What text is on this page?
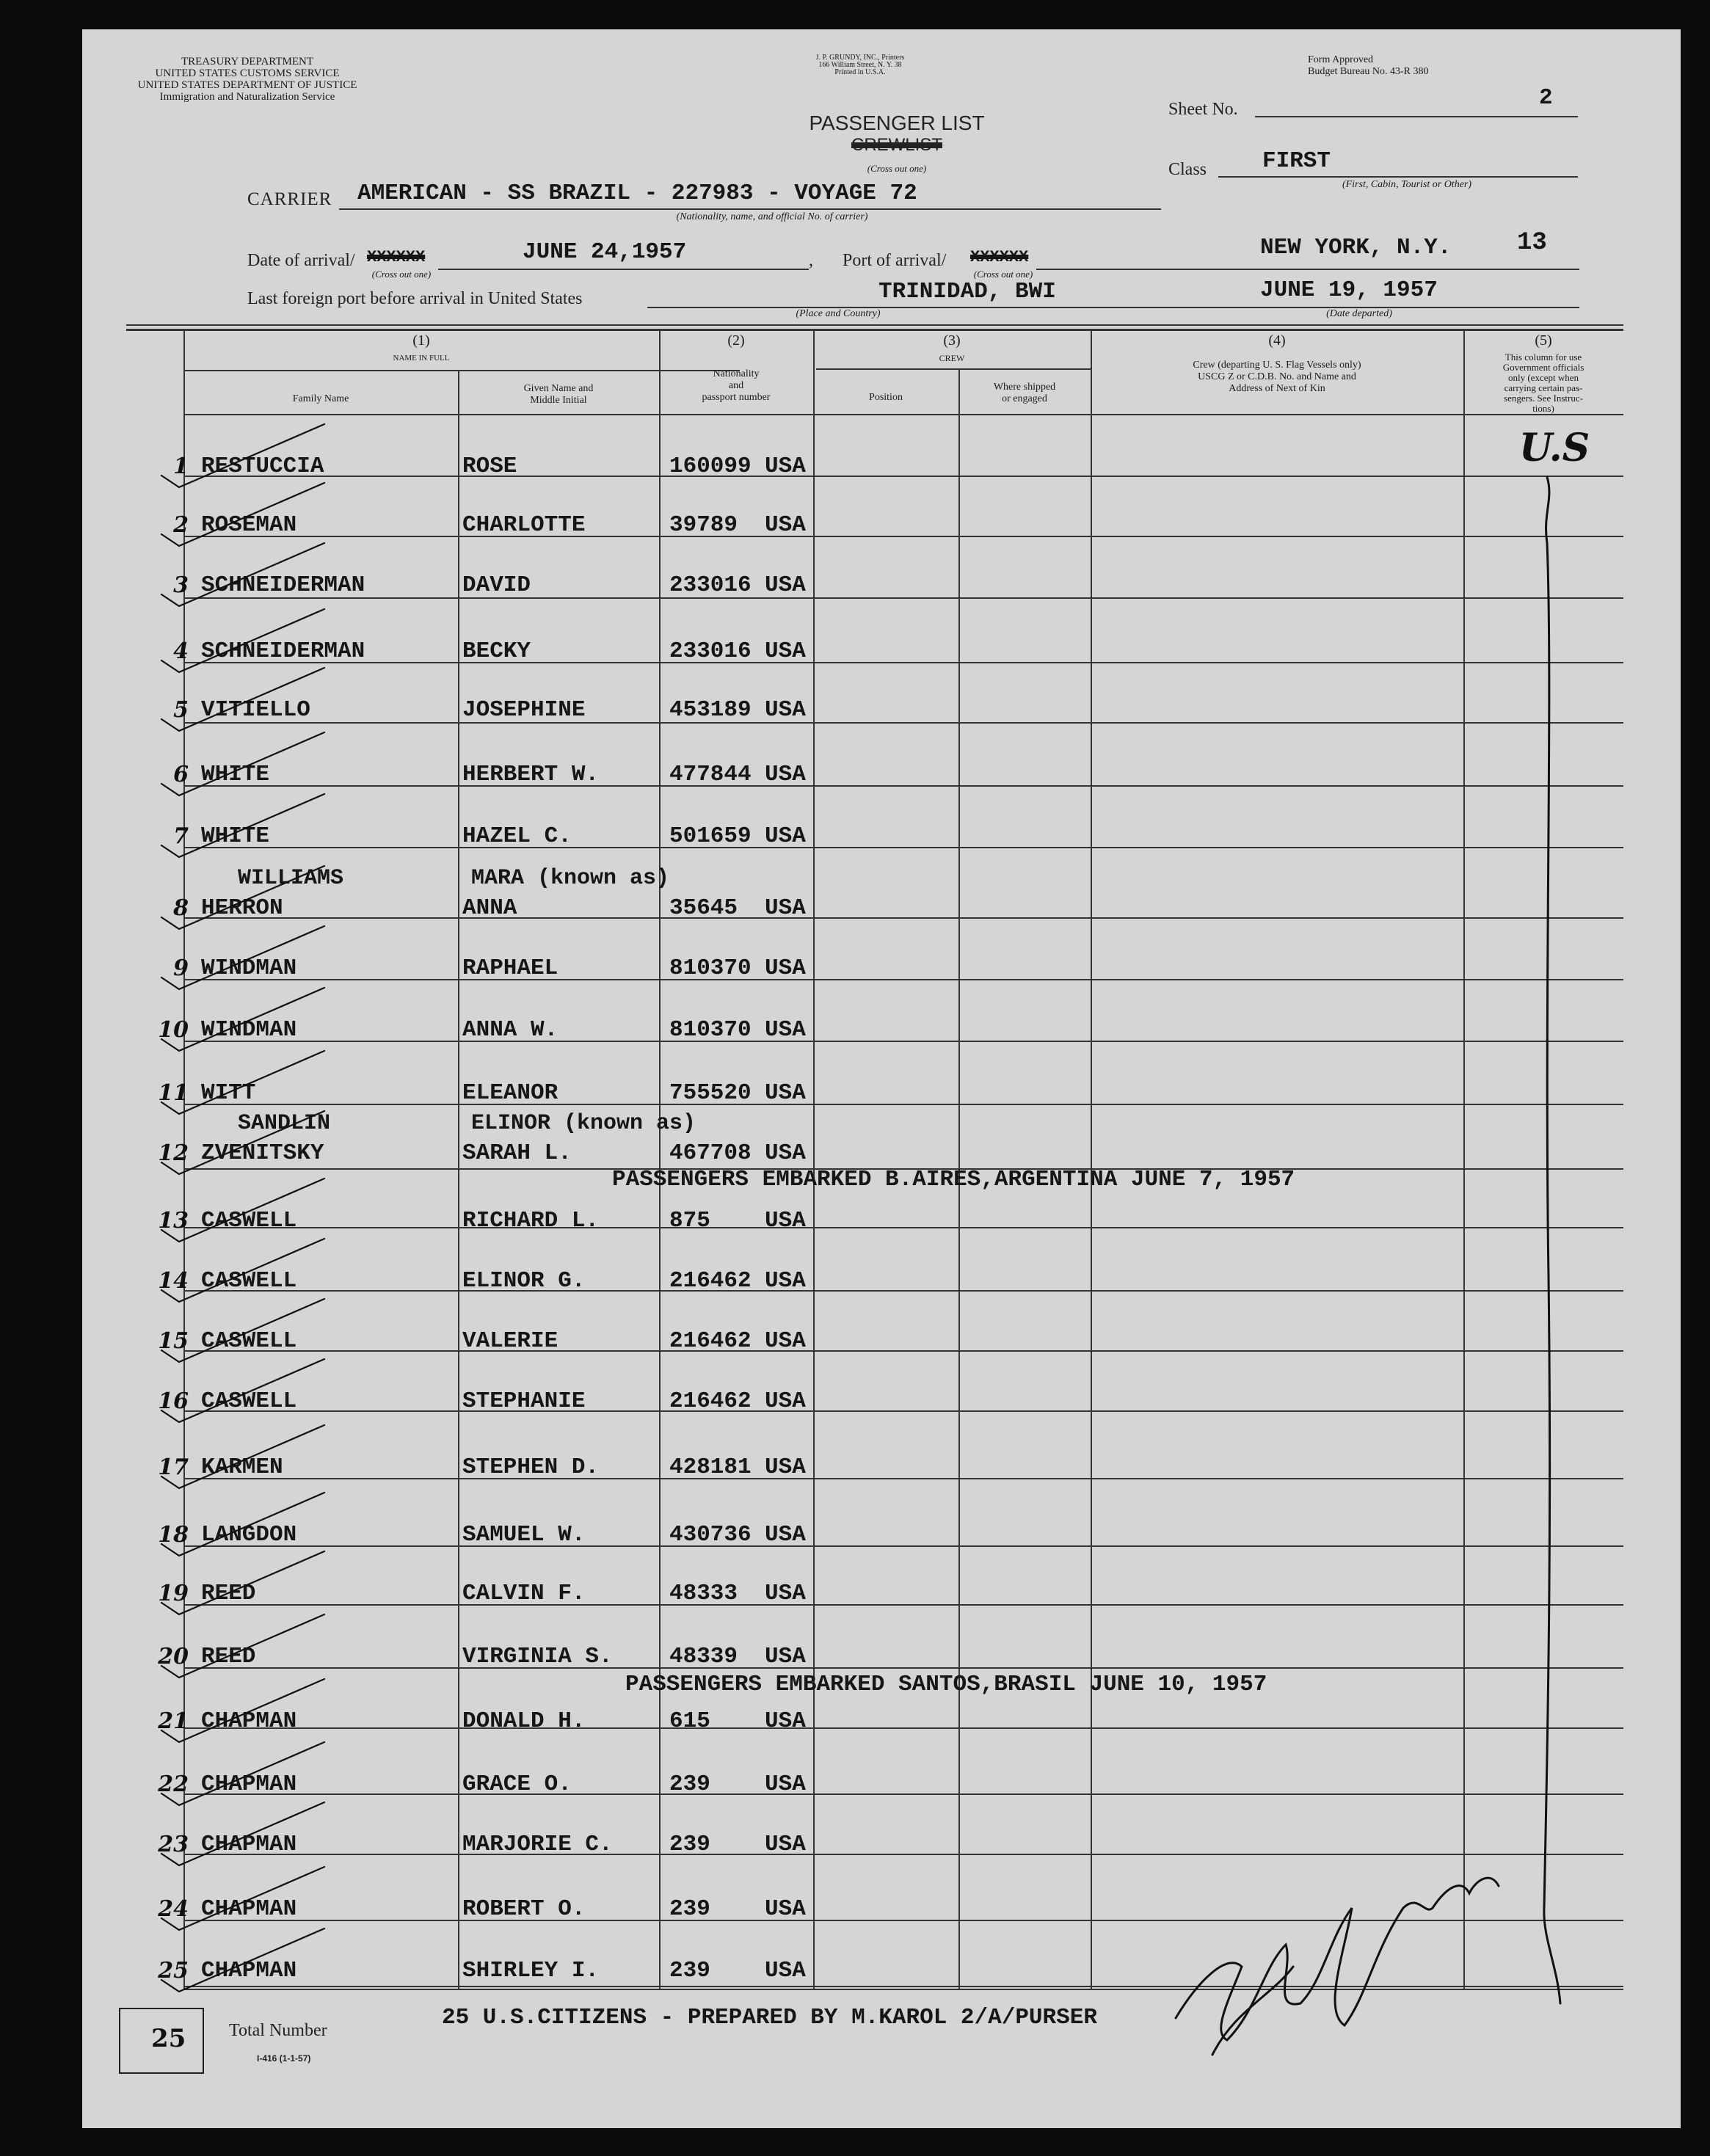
TREASURY DEPARTMENT
UNITED STATES CUSTOMS SERVICE
UNITED STATES DEPARTMENT OF JUSTICE
Immigration and Naturalization Service
J. P. GRUNDY, INC., Printers
166 William Street, N. Y. 38
Printed in U.S.A.
Form Approved
Budget Bureau No. 43-R 380
PASSENGER LIST
CREWLIST
(Cross out one)
Sheet No.	2
Class FIRST
(First, Cabin, Tourist or Other)
CARRIER AMERICAN - SS BRAZIL - 227983 - VOYAGE 72
(Nationality, name, and official No. of carrier)
Date of arrival/ XXXXXX
(Cross out one)
JUNE 24,1957	, Port of arrival/ XXXXXX
(Cross out one)
NEW YORK, N.Y.	13
Last foreign port before arrival in United States	TRINIDAD, BWI
(Place and Country)
JUNE 19, 1957
(Date departed)
(1)
NAME IN FULL
Family Name
Given Name and
Middle Initial
(2)
Nationality
and
passport number
(3)
CREW
Position
Where shipped
or engaged
(4)
Crew (departing U. S. Flag Vessels only)
USCG Z or C.D.B. No. and Name and
Address of Next of Kin
(5)
This column for use
Government officials
only (except when
carrying certain pas-
sengers. See Instruc-
tions)
1 RESTUCCIA	ROSE	160099 USA
2 ROSEMAN	CHARLOTTE	39789 USA
3 SCHNEIDERMAN	DAVID	233016 USA
4 SCHNEIDERMAN	BECKY	233016 USA
5 VITIELLO	JOSEPHINE	453189 USA
6 WHITE	HERBERT W.	477844 USA
7 WHITE	HAZEL C.	501659 USA
8 HERRON	ANNA	35645 USA
WILLIAMS	MARA (known as)
9 WINDMAN	RAPHAEL	810370 USA
10 WINDMAN	ANNA W.	810370 USA
11 WITT	ELEANOR	755520 USA
12 ZVENITSKY	SARAH L.	467708 USA
SANDLIN	ELINOR (known as)
13 CASWELL	RICHARD L.	875 USA
14 CASWELL	ELINOR G.	216462 USA
15 CASWELL	VALERIE	216462 USA
16 CASWELL	STEPHANIE	216462 USA
17 KARMEN	STEPHEN D.	428181 USA
18 LANGDON	SAMUEL W.	430736 USA
19 REED	CALVIN F.	48333 USA
20 REED	VIRGINIA S. 48339 USA
21 CHAPMAN	DONALD H.	615 USA
22 CHAPMAN	GRACE O.	239 USA
23 CHAPMAN	MARJORIE C. 239 USA
24 CHAPMAN	ROBERT O.	239 USA
25 CHAPMAN	SHIRLEY I.	239 USA
PASSENGERS EMBARKED B.AIRES,ARGENTINA JUNE 7, 1957
PASSENGERS EMBARKED SANTOS,BRASIL JUNE 10, 1957
U.S
25 Total Number
I-416 (1-1-57)
25 U.S.CITIZENS - PREPARED BY M.KAROL 2/A/PURSER
